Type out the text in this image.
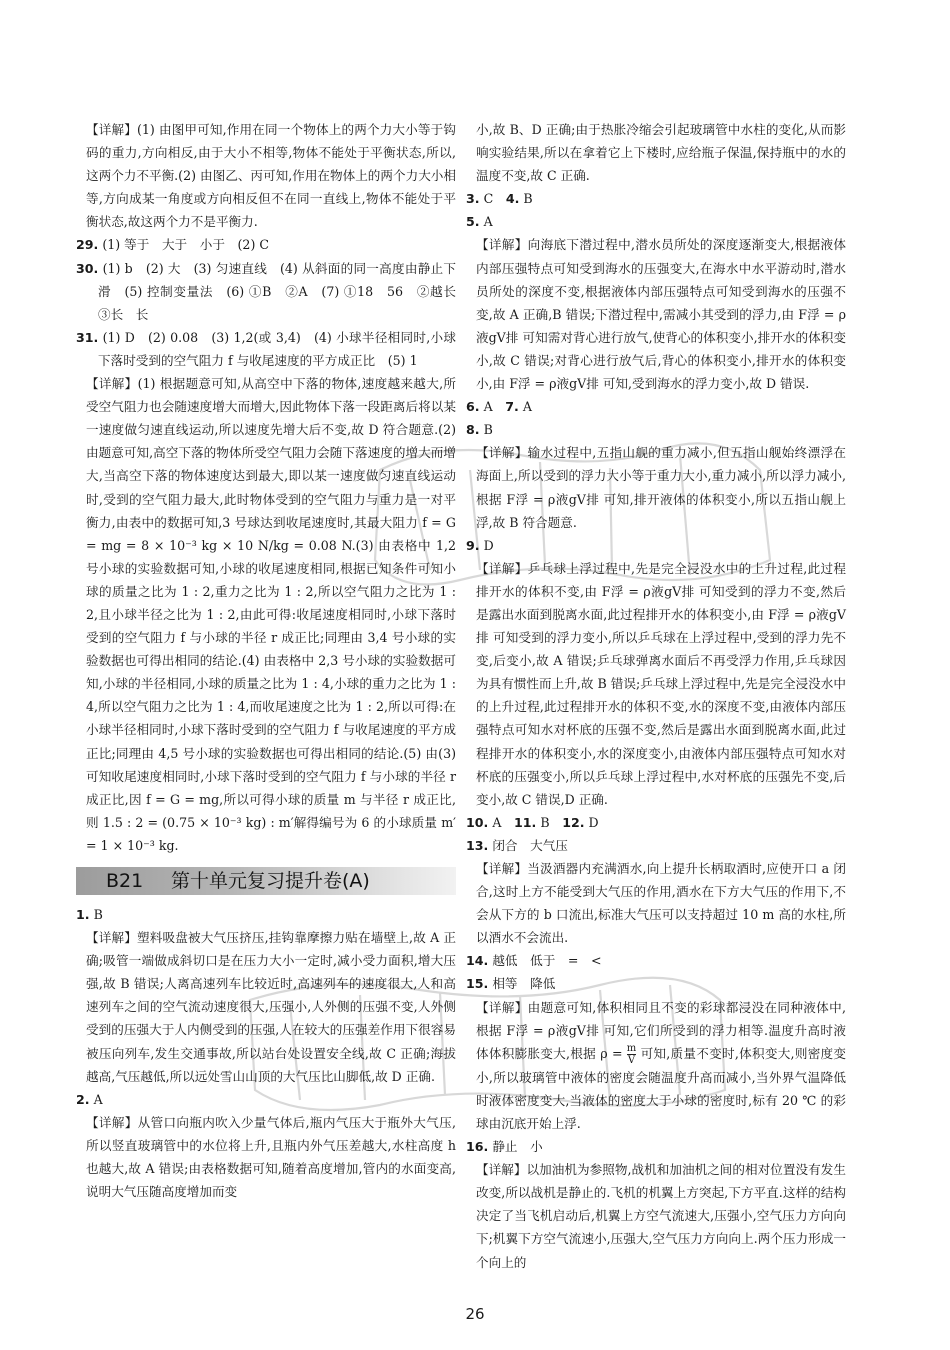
【详解】(1) 由图甲可知,作用在同一个物体上的两个力大小等于钩码的重力,方向相反,由于大小不相等,物体不能处于平衡状态,所以,这两个力不平衡.(2) 由图乙、丙可知,作用在物体上的两个力大小相等,方向成某一角度或方向相反但不在同一直线上,物体不能处于平衡状态,故这两个力不是平衡力.

29. (1) 等于　大于　小于　(2) C

30. (1) b　(2) 大　(3) 匀速直线　(4) 从斜面的同一高度由静止下滑　(5) 控制变量法　(6) ①B　②A　(7) ①18　56　②越长　③长　长

31. (1) D　(2) 0.08　(3) 1,2(或 3,4)　(4) 小球半径相同时,小球下落时受到的空气阻力 f 与收尾速度的平方成正比　(5) 1

【详解】(1) 根据题意可知,从高空中下落的物体,速度越来越大,所受空气阻力也会随速度增大而增大,因此物体下落一段距离后将以某一速度做匀速直线运动,所以速度先增大后不变,故 D 符合题意.(2) 由题意可知,高空下落的物体所受空气阻力会随下落速度的增大而增大,当高空下落的物体速度达到最大,即以某一速度做匀速直线运动时,受到的空气阻力最大,此时物体受到的空气阻力与重力是一对平衡力,由表中的数据可知,3 号球达到收尾速度时,其最大阻力 f = G = mg = 8 × 10⁻³ kg × 10 N/kg = 0.08 N.(3) 由表格中 1,2 号小球的实验数据可知,小球的收尾速度相同,根据已知条件可知小球的质量之比为 1 : 2,重力之比为 1 : 2,所以空气阻力之比为 1 : 2,且小球半径之比为 1 : 2,由此可得:收尾速度相同时,小球下落时受到的空气阻力 f 与小球的半径 r 成正比;同理由 3,4 号小球的实验数据也可得出相同的结论.(4) 由表格中 2,3 号小球的实验数据可知,小球的半径相同,小球的质量之比为 1 : 4,小球的重力之比为 1 : 4,所以空气阻力之比为 1 : 4,而收尾速度之比为 1 : 2,所以可得:在小球半径相同时,小球下落时受到的空气阻力 f 与收尾速度的平方成正比;同理由 4,5 号小球的实验数据也可得出相同的结论.(5) 由(3)可知收尾速度相同时,小球下落时受到的空气阻力 f 与小球的半径 r 成正比,因 f = G = mg,所以可得小球的质量 m 与半径 r 成正比,则 1.5 : 2 = (0.75 × 10⁻³ kg) : m′解得编号为 6 的小球质量 m′ = 1 × 10⁻³ kg.

B21 第十单元复习提升卷(A)

1. B

【详解】塑料吸盘被大气压挤压,挂钩靠摩擦力贴在墙壁上,故 A 正确;吸管一端做成斜切口是在压力大小一定时,减小受力面积,增大压强,故 B 错误;人离高速列车比较近时,高速列车的速度很大,人和高速列车之间的空气流动速度很大,压强小,人外侧的压强不变,人外侧受到的压强大于人内侧受到的压强,人在较大的压强差作用下很容易被压向列车,发生交通事故,所以站台处设置安全线,故 C 正确;海拔越高,气压越低,所以远处雪山山顶的大气压比山脚低,故 D 正确.

2. A

【详解】从管口向瓶内吹入少量气体后,瓶内气压大于瓶外大气压,所以竖直玻璃管中的水位将上升,且瓶内外气压差越大,水柱高度 h 也越大,故 A 错误;由表格数据可知,随着高度增加,管内的水面变高,说明大气压随高度增加而变

小,故 B、D 正确;由于热胀冷缩会引起玻璃管中水柱的变化,从而影响实验结果,所以在拿着它上下楼时,应给瓶子保温,保持瓶中的水的温度不变,故 C 正确.

3. C　 4. B

5. A

【详解】向海底下潜过程中,潜水员所处的深度逐渐变大,根据液体内部压强特点可知受到海水的压强变大,在海水中水平游动时,潜水员所处的深度不变,根据液体内部压强特点可知受到海水的压强不变,故 A 正确,B 错误;下潜过程中,需减小其受到的浮力,由 F浮 = ρ液gV排 可知需对背心进行放气,使背心的体积变小,排开水的体积变小,故 C 错误;对背心进行放气后,背心的体积变小,排开水的体积变小,由 F浮 = ρ液gV排 可知,受到海水的浮力变小,故 D 错误.

6. A　 7. A

8. B

【详解】输水过程中,五指山舰的重力减小,但五指山舰始终漂浮在海面上,所以受到的浮力大小等于重力大小,重力减小,所以浮力减小,根据 F浮 = ρ液gV排 可知,排开液体的体积变小,所以五指山舰上浮,故 B 符合题意.

9. D

【详解】乒乓球上浮过程中,先是完全浸没水中的上升过程,此过程排开水的体积不变,由 F浮 = ρ液gV排 可知受到的浮力不变,然后是露出水面到脱离水面,此过程排开水的体积变小,由 F浮 = ρ液gV排 可知受到的浮力变小,所以乒乓球在上浮过程中,受到的浮力先不变,后变小,故 A 错误;乒乓球弹离水面后不再受浮力作用,乒乓球因为具有惯性而上升,故 B 错误;乒乓球上浮过程中,先是完全浸没水中的上升过程,此过程排开水的体积不变,水的深度不变,由液体内部压强特点可知水对杯底的压强不变,然后是露出水面到脱离水面,此过程排开水的体积变小,水的深度变小,由液体内部压强特点可知水对杯底的压强变小,所以乒乓球上浮过程中,水对杯底的压强先不变,后变小,故 C 错误,D 正确.

10. A　 11. B　 12. D

13. 闭合　大气压

【详解】当汲酒器内充满酒水,向上提升长柄取酒时,应使开口 a 闭合,这时上方不能受到大气压的作用,酒水在下方大气压的作用下,不会从下方的 b 口流出,标准大气压可以支持超过 10 m 高的水柱,所以酒水不会流出.

14. 越低　低于　=　<

15. 相等　降低

【详解】由题意可知,体积相同且不变的彩球都浸没在同种液体中,根据 F浮 = ρ液gV排 可知,它们所受到的浮力相等.温度升高时液体体积膨胀变大,根据 $\rho = \frac{m}{V}$ 可知,质量不变时,体积变大,则密度变小,所以玻璃管中液体的密度会随温度升高而减小,当外界气温降低时液体密度变大,当液体的密度大于小球的密度时,标有 20 ℃ 的彩球由沉底开始上浮.

16. 静止　小

【详解】以加油机为参照物,战机和加油机之间的相对位置没有发生改变,所以战机是静止的.飞机的机翼上方突起,下方平直.这样的结构决定了当飞机启动后,机翼上方空气流速大,压强小,空气压力方向向下;机翼下方空气流速小,压强大,空气压力方向向上.两个压力形成一个向上的

26
